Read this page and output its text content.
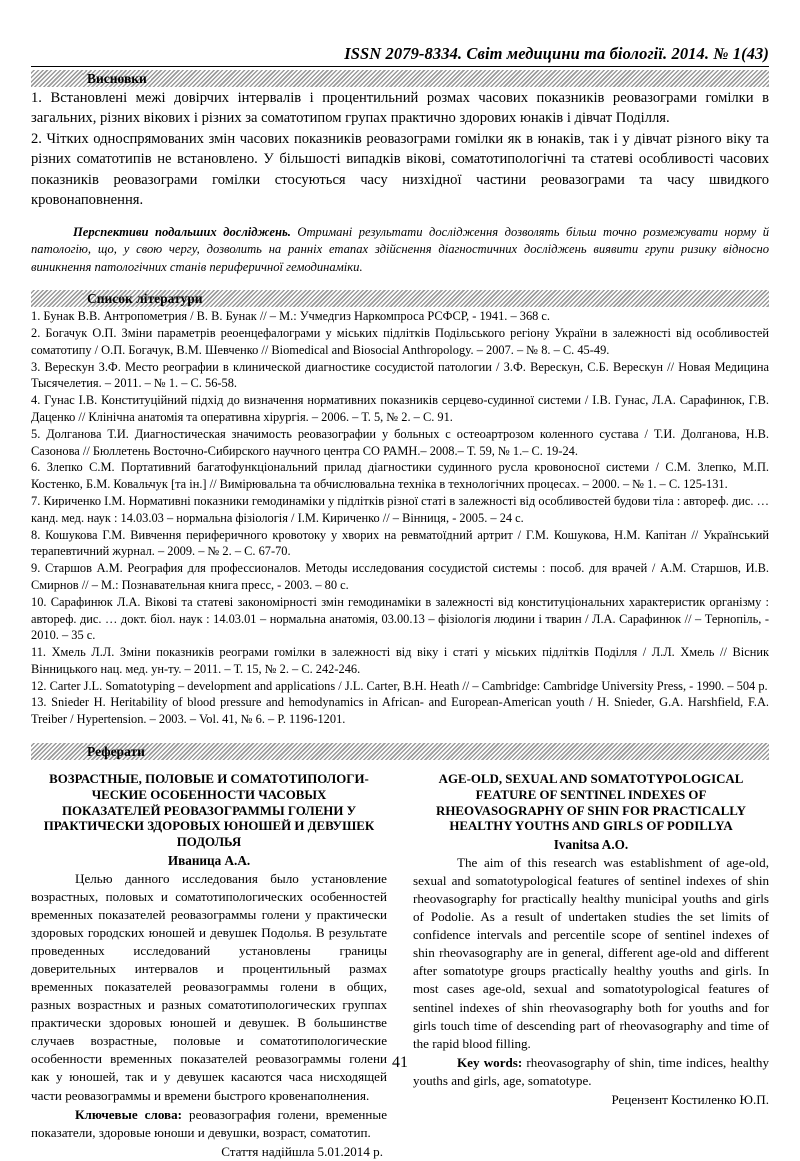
ISSN 2079-8334. Світ медицини та біології. 2014. № 1(43)
Висновки

1. Встановлені межі довірчих інтервалів і процентильний розмах часових показників реовазограми гомілки в загальних, різних вікових і різних за соматотипом групах практично здорових юнаків і дівчат Поділля.

2. Чітких односпрямованих змін часових показників реовазограми гомілки як в юнаків, так і у дівчат різного віку та різних соматотипів не встановлено. У більшості випадків вікові, соматотипологічні та статеві особливості часових показників реовазограми гомілки стосуються часу низхідної частини реовазограми та часу швидкого кровонаповнення.

Перспективи подальших досліджень. Отримані результати дослідження дозволять більш точно розмежувати норму й патологію, що, у свою чергу, дозволить на ранніх етапах здійснення діагностичних досліджень виявити групи ризику відносно виникнення патологічних станів периферичної гемодинаміки.

Список літератури

1. Бунак В.В. Антропометрия / В. В. Бунак // – М.: Учмедгиз Наркомпроса РСФСР, - 1941. – 368 с.

2. Богачук О.П. Зміни параметрів реоенцефалограми у міських підлітків Подільського регіону України в залежності від особливостей соматотипу / О.П. Богачук, В.М. Шевченко // Biomedical and Biosocial Anthropology. – 2007. – № 8. – С. 45-49.

3. Верескун З.Ф. Место реографии в клинической диагностике сосудистой патологии / З.Ф. Верескун, С.Б. Верескун // Новая Медицина Тысячелетия. – 2011. – № 1. – С. 56-58.

4. Гунас І.В. Конституційний підхід до визначення нормативних показників серцево-судинної системи / І.В. Гунас, Л.А. Сарафинюк, Г.В. Даценко // Клінічна анатомія та оперативна хірургія. – 2006. – Т. 5, № 2. – С. 91.

5. Долганова Т.И. Диагностическая значимость реовазографии у больных с остеоартрозом коленного сустава / Т.И. Долганова, Н.В. Сазонова // Бюллетень Восточно-Сибирского научного центра СО РАМН.– 2008.– Т. 59, № 1.– С. 19-24.

6. Злепко С.М. Портативний багатофункціональний прилад діагностики судинного русла кровоносної системи / С.М. Злепко, М.П. Костенко, Б.М. Ковальчук [та ін.] // Вимірювальна та обчислювальна техніка в технологічних процесах. – 2000. – № 1. – С. 125-131.

7. Кириченко І.М. Нормативні показники гемодинаміки у підлітків різної статі в залежності від особливостей будови тіла : автореф. дис. … канд. мед. наук : 14.03.03 – нормальна фізіологія / І.М. Кириченко // – Вінниця, - 2005. – 24 с.

8. Кошукова Г.М. Вивчення периферичного кровотоку у хворих на ревматоїдний артрит / Г.М. Кошукова, Н.М. Капітан // Український терапевтичний журнал. – 2009. – № 2. – С. 67-70.

9. Старшов А.М. Реография для профессионалов. Методы исследования сосудистой системы : пособ. для врачей / А.М. Старшов, И.В. Смирнов // – М.: Познавательная книга пресс, - 2003. – 80 с.

10. Сарафинюк Л.А. Вікові та статеві закономірності змін гемодинаміки в залежності від конституціональних характеристик організму : автореф. дис. … докт. біол. наук : 14.03.01 – нормальна анатомія, 03.00.13 – фізіологія людини і тварин / Л.А. Сарафинюк // – Тернопіль, - 2010. – 35 с.

11. Хмель Л.Л. Зміни показників реограми гомілки в залежності від віку і статі у міських підлітків Поділля / Л.Л. Хмель // Вісник Вінницького нац. мед. ун-ту. – 2011. – Т. 15, № 2. – С. 242-246.

12. Carter J.L. Somatotyping – development and applications / J.L. Carter, B.H. Heath // – Cambridge: Cambridge University Press, - 1990. – 504 p.

13. Snieder H. Heritability of blood pressure and hemodynamics in African- and European-American youth / H. Snieder, G.A. Harshfield, F.A. Treiber / Hypertension. – 2003. – Vol. 41, № 6. – P. 1196-1201.

Реферати
ВОЗРАСТНЫЕ, ПОЛОВЫЕ И СОМАТОТИПОЛОГИ-ЧЕСКИЕ ОСОБЕННОСТИ ЧАСОВЫХ ПОКАЗАТЕЛЕЙ РЕОВАЗОГРАММЫ ГОЛЕНИ У ПРАКТИЧЕСКИ ЗДОРОВЫХ ЮНОШЕЙ И ДЕВУШЕК ПОДОЛЬЯ
Иваница А.А.

Целью данного исследования было установление возрастных, половых и соматотипологических особенностей временных показателей реовазограммы голени у практически здоровых городских юношей и девушек Подолья. В результате проведенных исследований установлены границы доверительных интервалов и процентильный размах временных показателей реовазограммы голени в общих, разных возрастных и разных соматотипологических группах практически здоровых юношей и девушек. В большинстве случаев возрастные, половые и соматотипологические особенности временных показателей реовазограммы голени как у юношей, так и у девушек касаются часа нисходящей части реовазограммы и времени быстрого кровенаполнения.

Ключевые слова: реовазография голени, временные показатели, здоровые юноши и девушки, возраст, соматотип.

Стаття надійшла 5.01.2014 р.

AGE-OLD, SEXUAL AND SOMATOTYPOLOGICAL FEATURE OF SENTINEL INDEXES OF RHEOVASOGRAPHY OF SHIN FOR PRACTICALLY HEALTHY YOUTHS AND GIRLS OF PODILLYA
Ivanitsa A.O.

The aim of this research was establishment of age-old, sexual and somatotypological features of sentinel indexes of shin rheovasography for practically healthy municipal youths and girls of Podolie. As a result of undertaken studies the set limits of confidence intervals and percentile scope of sentinel indexes of shin rheovasography are in general, different age-old and different after somatotype groups practically healthy youths and girls. In most cases age-old, sexual and somatotypological features of sentinel indexes of shin rheovasography both for youths and for girls touch time of descending part of rheovasography and time of the rapid blood filling.

Key words: rheovasography of shin, time indices, healthy youths and girls, age, somatotype.

Рецензент Костиленко Ю.П.

41
